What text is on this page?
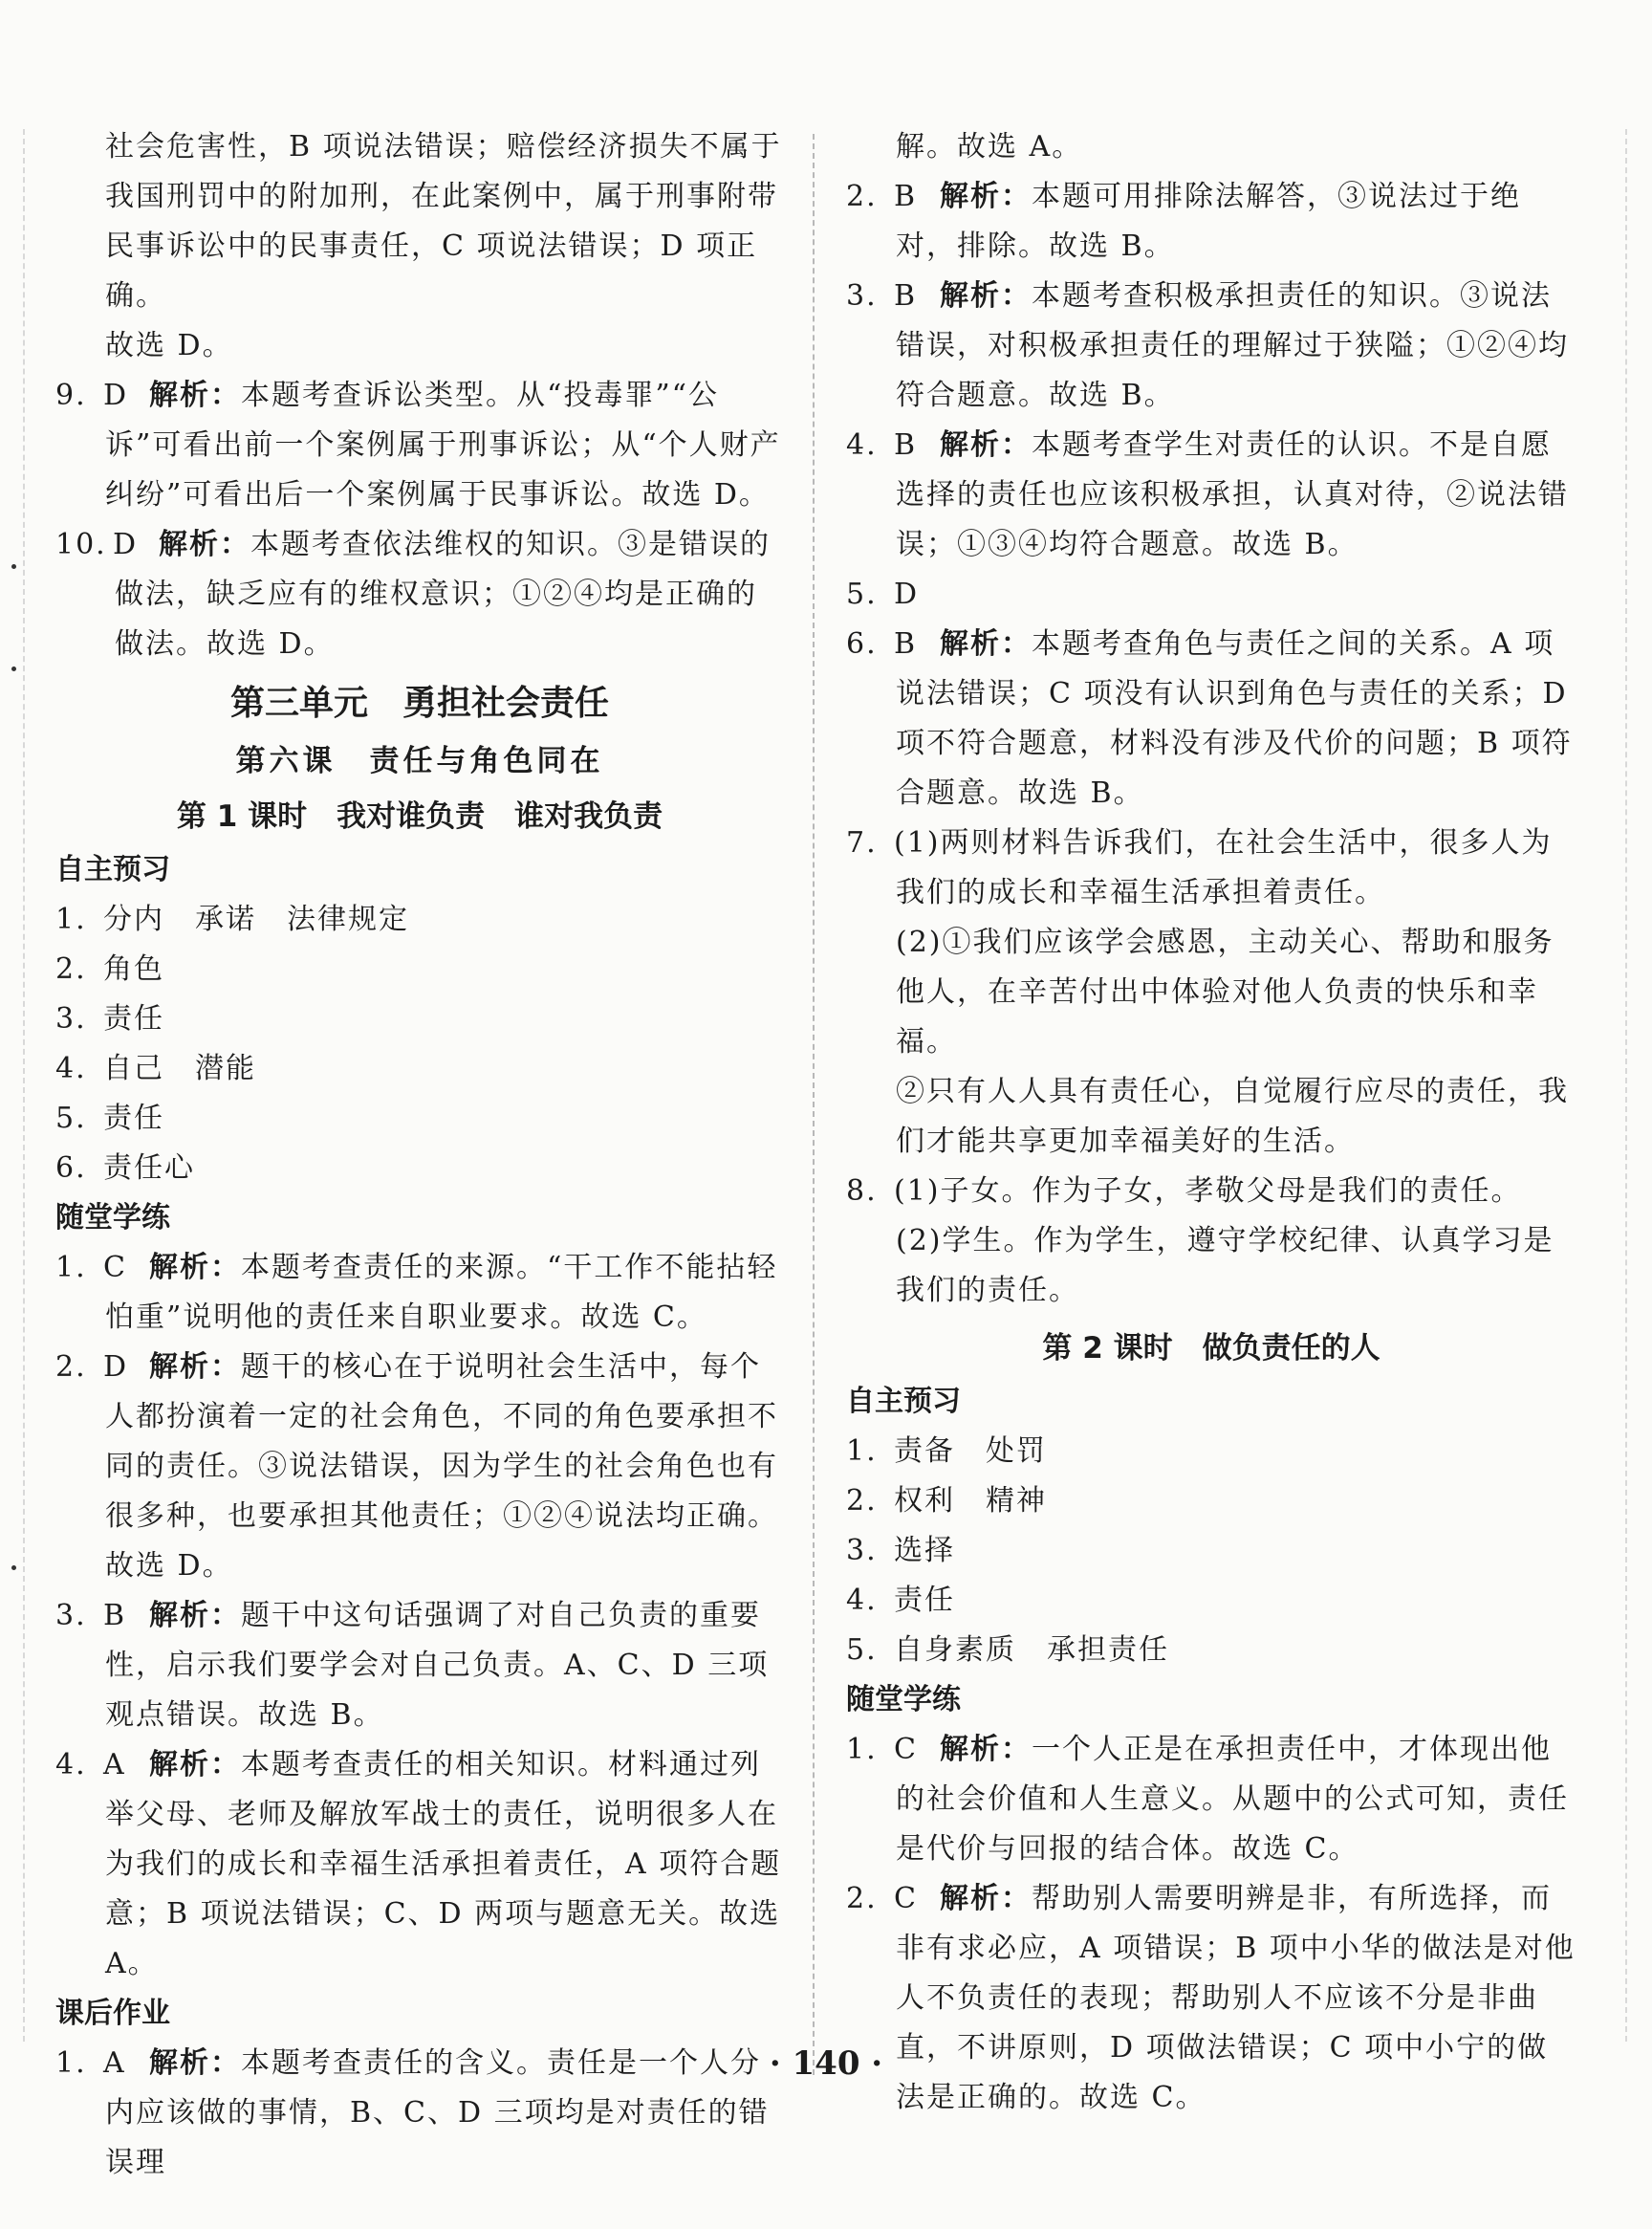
社会危害性，B 项说法错误；赔偿经济损失不属于

我国刑罚中的附加刑，在此案例中，属于刑事附带

民事诉讼中的民事责任，C 项说法错误；D 项正确。

故选 D。

9. D 解析：本题考查诉讼类型。从“投毒罪”“公诉”可看出前一个案例属于刑事诉讼；从“个人财产纠纷”可看出后一个案例属于民事诉讼。故选 D。

10. D 解析：本题考查依法维权的知识。③是错误的做法，缺乏应有的维权意识；①②④均是正确的做法。故选 D。

第三单元　勇担社会责任
第六课　责任与角色同在
第 1 课时　我对谁负责　谁对我负责

自主预习

1. 分内　承诺　法律规定

2. 角色

3. 责任

4. 自己　潜能

5. 责任

6. 责任心

随堂学练

1. C 解析：本题考查责任的来源。“干工作不能拈轻怕重”说明他的责任来自职业要求。故选 C。

2. D 解析：题干的核心在于说明社会生活中，每个人都扮演着一定的社会角色，不同的角色要承担不同的责任。③说法错误，因为学生的社会角色也有很多种，也要承担其他责任；①②④说法均正确。故选 D。

3. B 解析：题干中这句话强调了对自己负责的重要性，启示我们要学会对自己负责。A、C、D 三项观点错误。故选 B。

4. A 解析：本题考查责任的相关知识。材料通过列举父母、老师及解放军战士的责任，说明很多人在为我们的成长和幸福生活承担着责任，A 项符合题意；B 项说法错误；C、D 两项与题意无关。故选 A。

课后作业

1. A 解析：本题考查责任的含义。责任是一个人分内应该做的事情，B、C、D 三项均是对责任的错误理

解。故选 A。

2. B 解析：本题可用排除法解答，③说法过于绝对，排除。故选 B。

3. B 解析：本题考查积极承担责任的知识。③说法错误，对积极承担责任的理解过于狭隘；①②④均符合题意。故选 B。

4. B 解析：本题考查学生对责任的认识。不是自愿选择的责任也应该积极承担，认真对待，②说法错误；①③④均符合题意。故选 B。

5. D

6. B 解析：本题考查角色与责任之间的关系。A 项说法错误；C 项没有认识到角色与责任的关系；D 项不符合题意，材料没有涉及代价的问题；B 项符合题意。故选 B。

7. (1)两则材料告诉我们，在社会生活中，很多人为我们的成长和幸福生活承担着责任。

(2)①我们应该学会感恩，主动关心、帮助和服务他人，在辛苦付出中体验对他人负责的快乐和幸福。

②只有人人具有责任心，自觉履行应尽的责任，我们才能共享更加幸福美好的生活。

8. (1)子女。作为子女，孝敬父母是我们的责任。

(2)学生。作为学生，遵守学校纪律、认真学习是我们的责任。

第 2 课时　做负责任的人

自主预习

1. 责备　处罚

2. 权利　精神

3. 选择

4. 责任

5. 自身素质　承担责任

随堂学练

1. C 解析：一个人正是在承担责任中，才体现出他的社会价值和人生意义。从题中的公式可知，责任是代价与回报的结合体。故选 C。

2. C 解析：帮助别人需要明辨是非，有所选择，而非有求必应，A 项错误；B 项中小华的做法是对他人不负责任的表现；帮助别人不应该不分是非曲直，不讲原则，D 项做法错误；C 项中小宁的做法是正确的。故选 C。

· 140 ·
